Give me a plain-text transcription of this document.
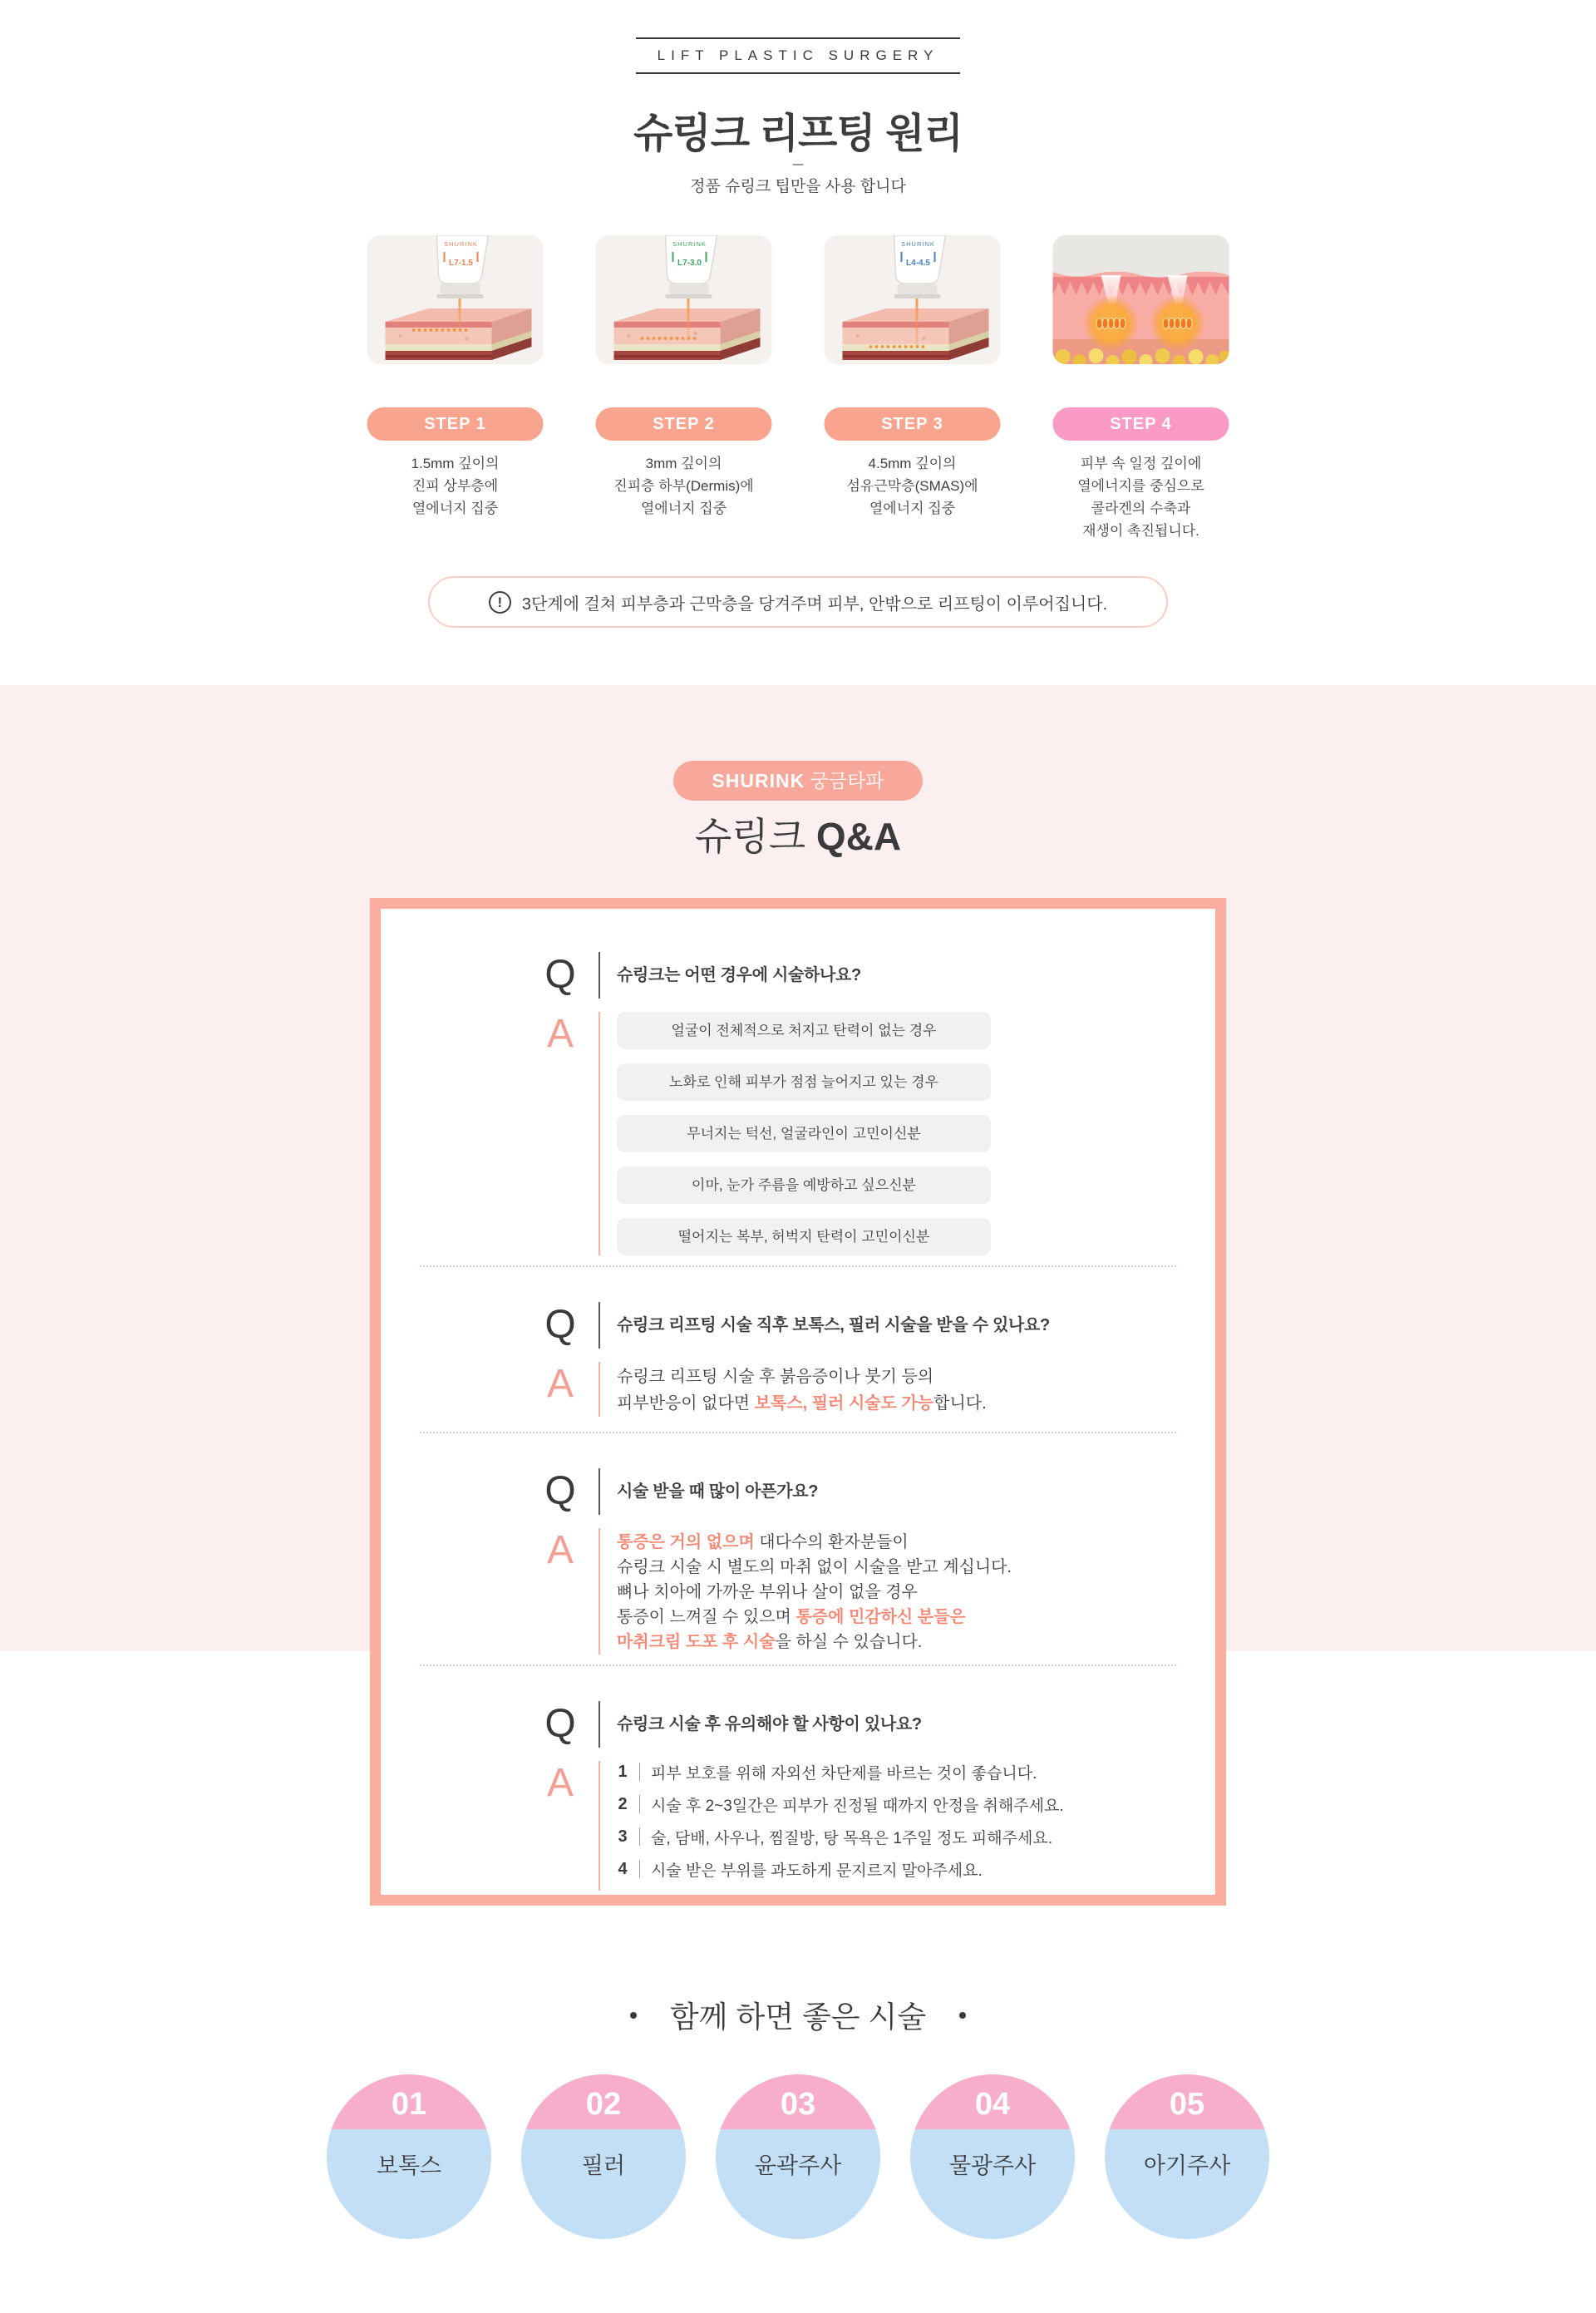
LIFT PLASTIC SURGERY
슈링크 리프팅 원리
정품 슈링크 팁만을 사용 합니다
SHURINK
L7-1.5
STEP 1
1.5mm 깊이의
진피 상부층에
열에너지 집중
SHURINK
L7-3.0
STEP 2
3mm 깊이의
진피층 하부(Dermis)에
열에너지 집중
SHURINK
L4-4.5
STEP 3
4.5mm 깊이의
섬유근막층(SMAS)에
열에너지 집중
STEP 4
피부 속 일정 깊이에
열에너지를 중심으로
콜라겐의 수축과
재생이 촉진됩니다.
!	3단계에 걸쳐 피부층과 근막층을 당겨주며 피부, 안밖으로 리프팅이 이루어집니다.
SHURINK 궁금타파
슈링크 Q&A
Q	슈링크는 어떤 경우에 시술하나요?
A	얼굴이 전체적으로 처지고 탄력이 없는 경우
노화로 인해 피부가 점점 늘어지고 있는 경우
무너지는 턱선, 얼굴라인이 고민이신분
이마, 눈가 주름을 예방하고 싶으신분
떨어지는 복부, 허벅지 탄력이 고민이신분
Q	슈링크 리프팅 시술 직후 보톡스, 필러 시술을 받을 수 있나요?
A	슈링크 리프팅 시술 후 붉음증이나 붓기 등의
피부반응이 없다면 보톡스, 필러 시술도 가능합니다.
Q	시술 받을 때 많이 아픈가요?
A	통증은 거의 없으며 대다수의 환자분들이
슈링크 시술 시 별도의 마취 없이 시술을 받고 계십니다.
뼈나 치아에 가까운 부위나 살이 없을 경우
통증이 느껴질 수 있으며 통증에 민감하신 분들은
마취크림 도포 후 시술을 하실 수 있습니다.
Q	슈링크 시술 후 유의해야 할 사항이 있나요?
A	1 피부 보호를 위해 자외선 차단제를 바르는 것이 좋습니다.
2 시술 후 2~3일간은 피부가 진정될 때까지 안정을 취해주세요.
3 술, 담배, 사우나, 찜질방, 탕 목욕은 1주일 정도 피해주세요.
4 시술 받은 부위를 과도하게 문지르지 말아주세요.
함께 하면 좋은 시술
01
보톡스
02
필러
03
윤곽주사
04
물광주사
05
아기주사
